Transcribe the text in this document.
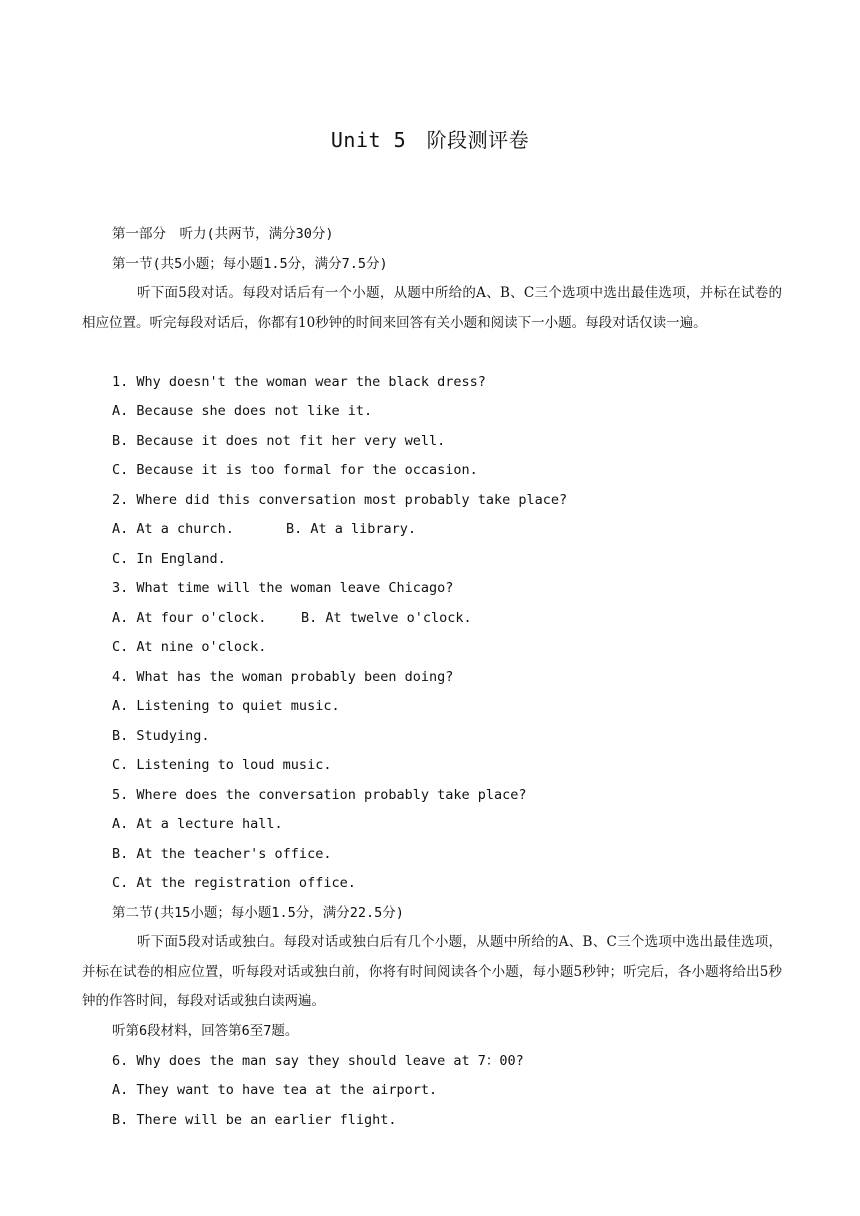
Unit 5　阶段测评卷
第一部分　听力(共两节，满分30分)
第一节(共5小题；每小题1.5分，满分7.5分)
听下面5段对话。每段对话后有一个小题，从题中所给的A、B、C三个选项中选出最佳选项，并标在试卷的相应位置。听完每段对话后，你都有10秒钟的时间来回答有关小题和阅读下一小题。每段对话仅读一遍。
1. Why doesn't the woman wear the black dress?
A. Because she does not like it.
B. Because it does not fit her very well.
C. Because it is too formal for the occasion.
2. Where did this conversation most probably take place?
A. At a church.	B. At a library.
C. In England.
3. What time will the woman leave Chicago?
A. At four o'clock.	B. At twelve o'clock.
C. At nine o'clock.
4. What has the woman probably been doing?
A. Listening to quiet music.
B. Studying.
C. Listening to loud music.
5. Where does the conversation probably take place?
A. At a lecture hall.
B. At the teacher's office.
C. At the registration office.
第二节(共15小题；每小题1.5分，满分22.5分)
听下面5段对话或独白。每段对话或独白后有几个小题，从题中所给的A、B、C三个选项中选出最佳选项，并标在试卷的相应位置，听每段对话或独白前，你将有时间阅读各个小题，每小题5秒钟；听完后，各小题将给出5秒钟的作答时间，每段对话或独白读两遍。
听第6段材料，回答第6至7题。
6. Why does the man say they should leave at 7：00?
A. They want to have tea at the airport.
B. There will be an earlier flight.
